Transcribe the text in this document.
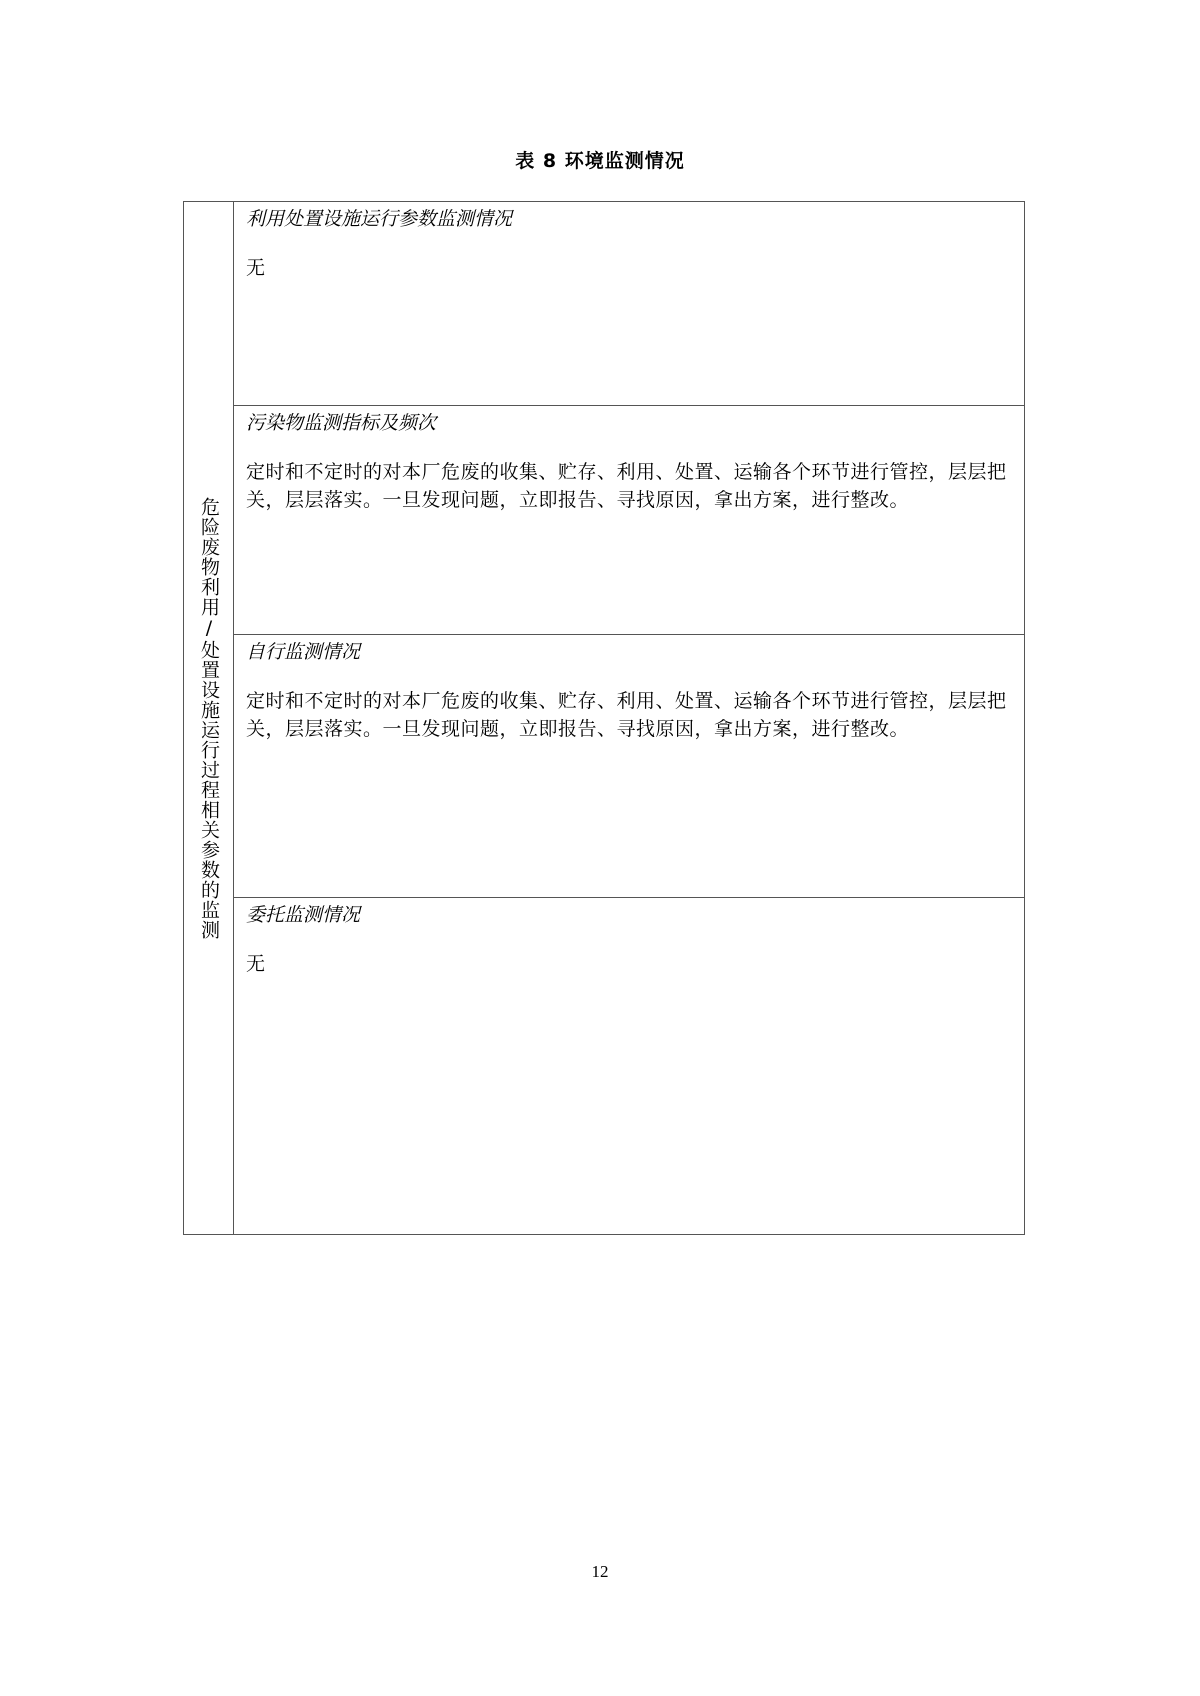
表 8 环境监测情况
危险废物利用/处置设施运行过程相关参数的监测
利用处置设施运行参数监测情况
无
污染物监测指标及频次
定时和不定时的对本厂危废的收集、贮存、利用、处置、运输各个环节进行管控，层层把关，层层落实。一旦发现问题，立即报告、寻找原因，拿出方案，进行整改。
自行监测情况
定时和不定时的对本厂危废的收集、贮存、利用、处置、运输各个环节进行管控，层层把关，层层落实。一旦发现问题，立即报告、寻找原因，拿出方案，进行整改。
委托监测情况
无
12
